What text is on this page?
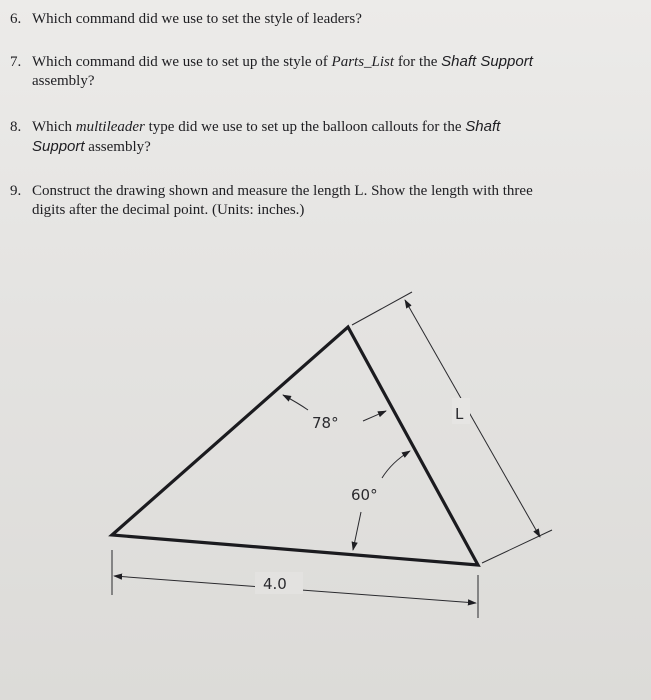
6. Which command did we use to set the style of leaders?
7. Which command did we use to set up the style of Parts_List for the Shaft Support
assembly?
8. Which multileader type did we use to set up the balloon callouts for the Shaft
Support assembly?
9. Construct the drawing shown and measure the length L. Show the length with three
digits after the decimal point. (Units: inches.)
L
4.0
78°
60°
